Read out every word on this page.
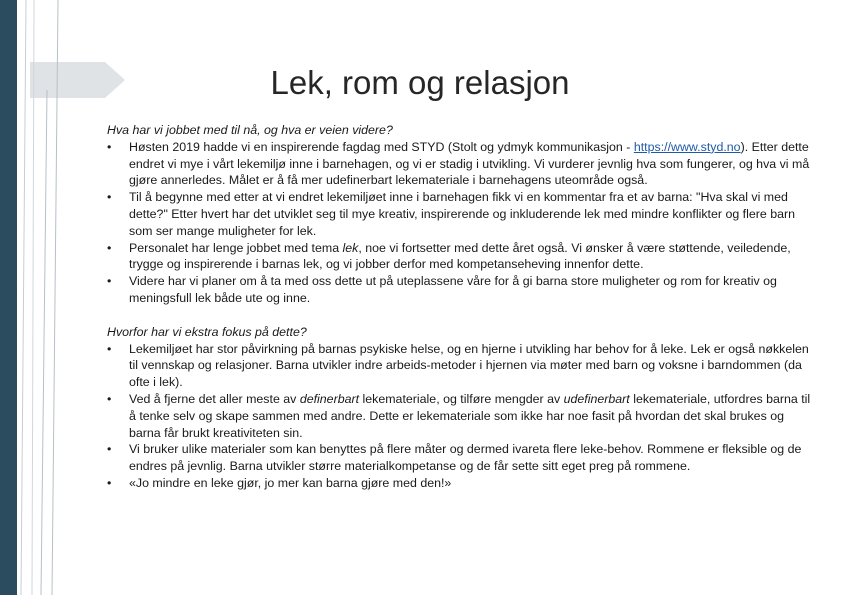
Lek, rom og relasjon
Hva har vi jobbet med til nå, og hva er veien videre?
• Høsten 2019 hadde vi en inspirerende fagdag med STYD (Stolt og ydmyk kommunikasjon - https://www.styd.no). Etter dette endret vi mye i vårt lekemiljø inne i barnehagen, og vi er stadig i utvikling. Vi vurderer jevnlig hva som fungerer, og hva vi må gjøre annerledes. Målet er å få mer udefinerbart lekemateriale i barnehagens uteområde også.
• Til å begynne med etter at vi endret lekemiljøet inne i barnehagen fikk vi en kommentar fra et av barna: "Hva skal vi med dette?" Etter hvert har det utviklet seg til mye kreativ, inspirerende og inkluderende lek med mindre konflikter og flere barn som ser mange muligheter for lek.
• Personalet har lenge jobbet med tema lek, noe vi fortsetter med dette året også. Vi ønsker å være støttende, veiledende, trygge og inspirerende i barnas lek, og vi jobber derfor med kompetanseheving innenfor dette.
• Videre har vi planer om å ta med oss dette ut på uteplassene våre for å gi barna store muligheter og rom for kreativ og meningsfull lek både ute og inne.
Hvorfor har vi ekstra fokus på dette?
• Lekemiljøet har stor påvirkning på barnas psykiske helse, og en hjerne i utvikling har behov for å leke. Lek er også nøkkelen til vennskap og relasjoner. Barna utvikler indre arbeids-metoder i hjernen via møter med barn og voksne i barndommen (da ofte i lek).
• Ved å fjerne det aller meste av definerbart lekemateriale, og tilføre mengder av udefinerbart lekemateriale, utfordres barna til å tenke selv og skape sammen med andre. Dette er lekemateriale som ikke har noe fasit på hvordan det skal brukes og barna får brukt kreativiteten sin.
• Vi bruker ulike materialer som kan benyttes på flere måter og dermed ivareta flere leke-behov. Rommene er fleksible og de endres på jevnlig. Barna utvikler større materialkompetanse og de får sette sitt eget preg på rommene.
• «Jo mindre en leke gjør, jo mer kan barna gjøre med den!»
